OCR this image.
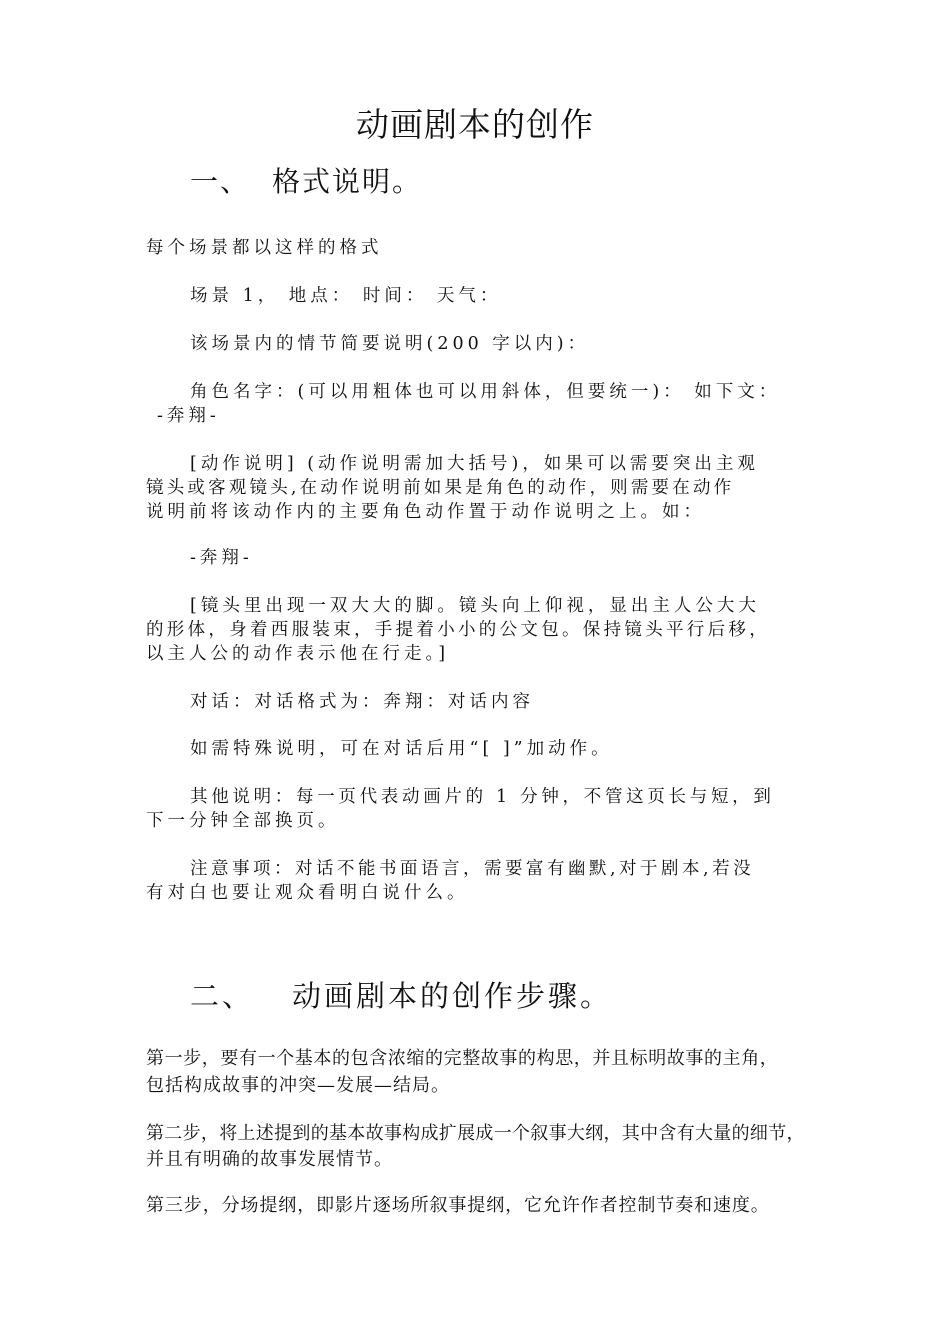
动画剧本的创作
一、 格式说明。
每个场景都以这样的格式
场景 1， 地点： 时间： 天气：
该场景内的情节简要说明(200 字以内)：
角色名字：(可以用粗体也可以用斜体，但要统一)： 如下文：
-奔翔-
[动作说明] (动作说明需加大括号)，如果可以需要突出主观
镜头或客观镜头,在动作说明前如果是角色的动作，则需要在动作
说明前将该动作内的主要角色动作置于动作说明之上。如：
-奔翔-
[镜头里出现一双大大的脚。镜头向上仰视，显出主人公大大
的形体，身着西服装束，手提着小小的公文包。保持镜头平行后移，
以主人公的动作表示他在行走。]
对话：对话格式为：奔翔：对话内容
如需特殊说明，可在对话后用“[ ]”加动作。
其他说明：每一页代表动画片的 1 分钟，不管这页长与短，到
下一分钟全部换页。
注意事项：对话不能书面语言，需要富有幽默,对于剧本,若没
有对白也要让观众看明白说什么。
二、 动画剧本的创作步骤。
第一步，要有一个基本的包含浓缩的完整故事的构思，并且标明故事的主角，
包括构成故事的冲突—发展—结局。
第二步，将上述提到的基本故事构成扩展成一个叙事大纲，其中含有大量的细节，
并且有明确的故事发展情节。
第三步，分场提纲，即影片逐场所叙事提纲，它允许作者控制节奏和速度。
